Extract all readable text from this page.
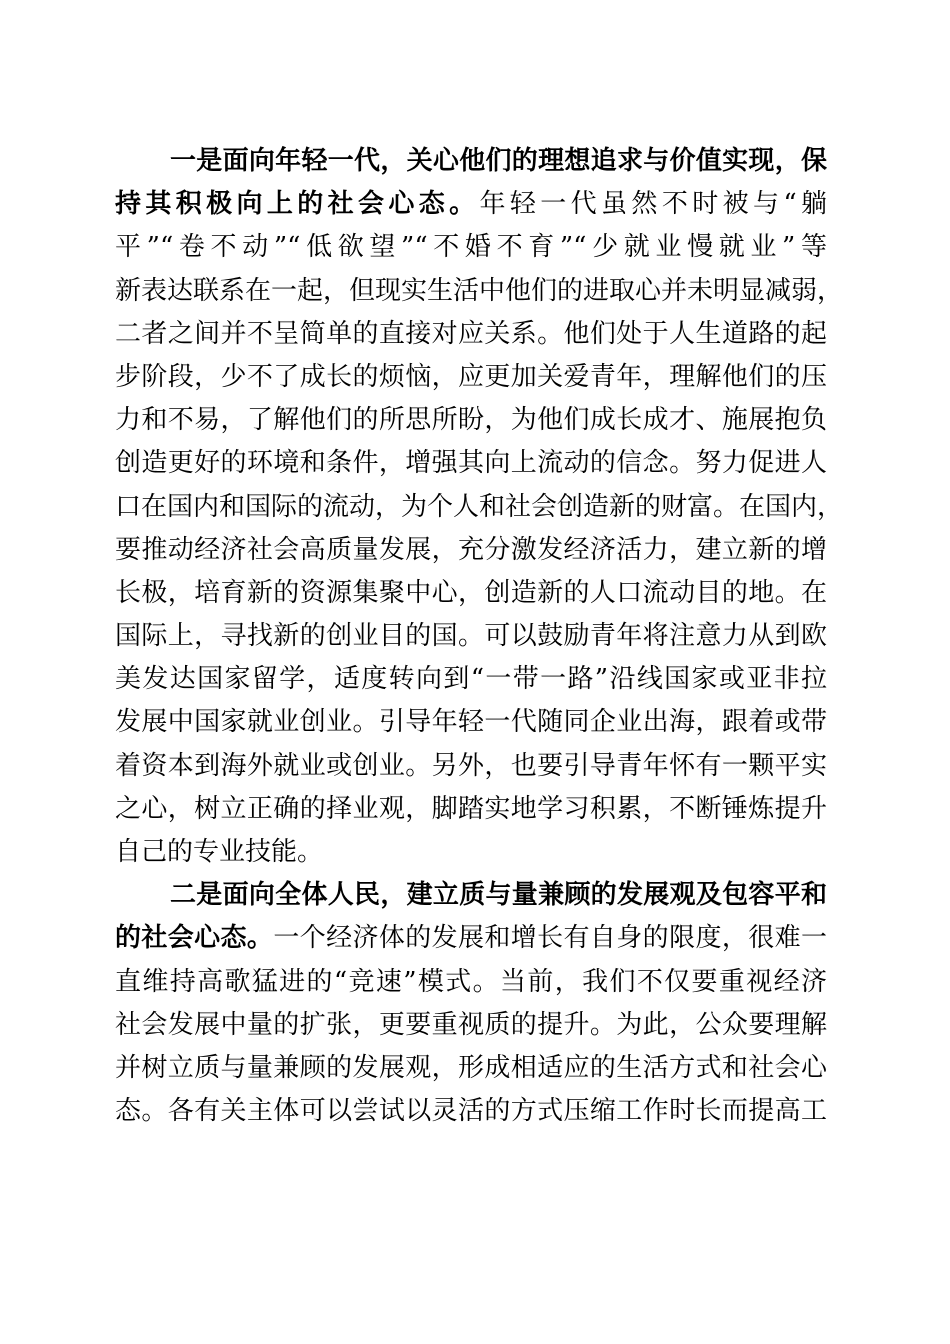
一是面向年轻一代，关心他们的理想追求与价值实现，保
持其积极向上的社会心态。年轻一代虽然不时被与“躺
平”“卷不动”“低欲望”“不婚不育”“少就业慢就业”等
新表达联系在一起，但现实生活中他们的进取心并未明显减弱，
二者之间并不呈简单的直接对应关系。他们处于人生道路的起
步阶段，少不了成长的烦恼，应更加关爱青年，理解他们的压
力和不易，了解他们的所思所盼，为他们成长成才、施展抱负
创造更好的环境和条件，增强其向上流动的信念。努力促进人
口在国内和国际的流动，为个人和社会创造新的财富。在国内，
要推动经济社会高质量发展，充分激发经济活力，建立新的增
长极，培育新的资源集聚中心，创造新的人口流动目的地。在
国际上，寻找新的创业目的国。可以鼓励青年将注意力从到欧
美发达国家留学，适度转向到“一带一路”沿线国家或亚非拉
发展中国家就业创业。引导年轻一代随同企业出海，跟着或带
着资本到海外就业或创业。另外，也要引导青年怀有一颗平实
之心，树立正确的择业观，脚踏实地学习积累，不断锤炼提升
自己的专业技能。
二是面向全体人民，建立质与量兼顾的发展观及包容平和
的社会心态。一个经济体的发展和增长有自身的限度，很难一
直维持高歌猛进的“竞速”模式。当前，我们不仅要重视经济
社会发展中量的扩张，更要重视质的提升。为此，公众要理解
并树立质与量兼顾的发展观，形成相适应的生活方式和社会心
态。各有关主体可以尝试以灵活的方式压缩工作时长而提高工
